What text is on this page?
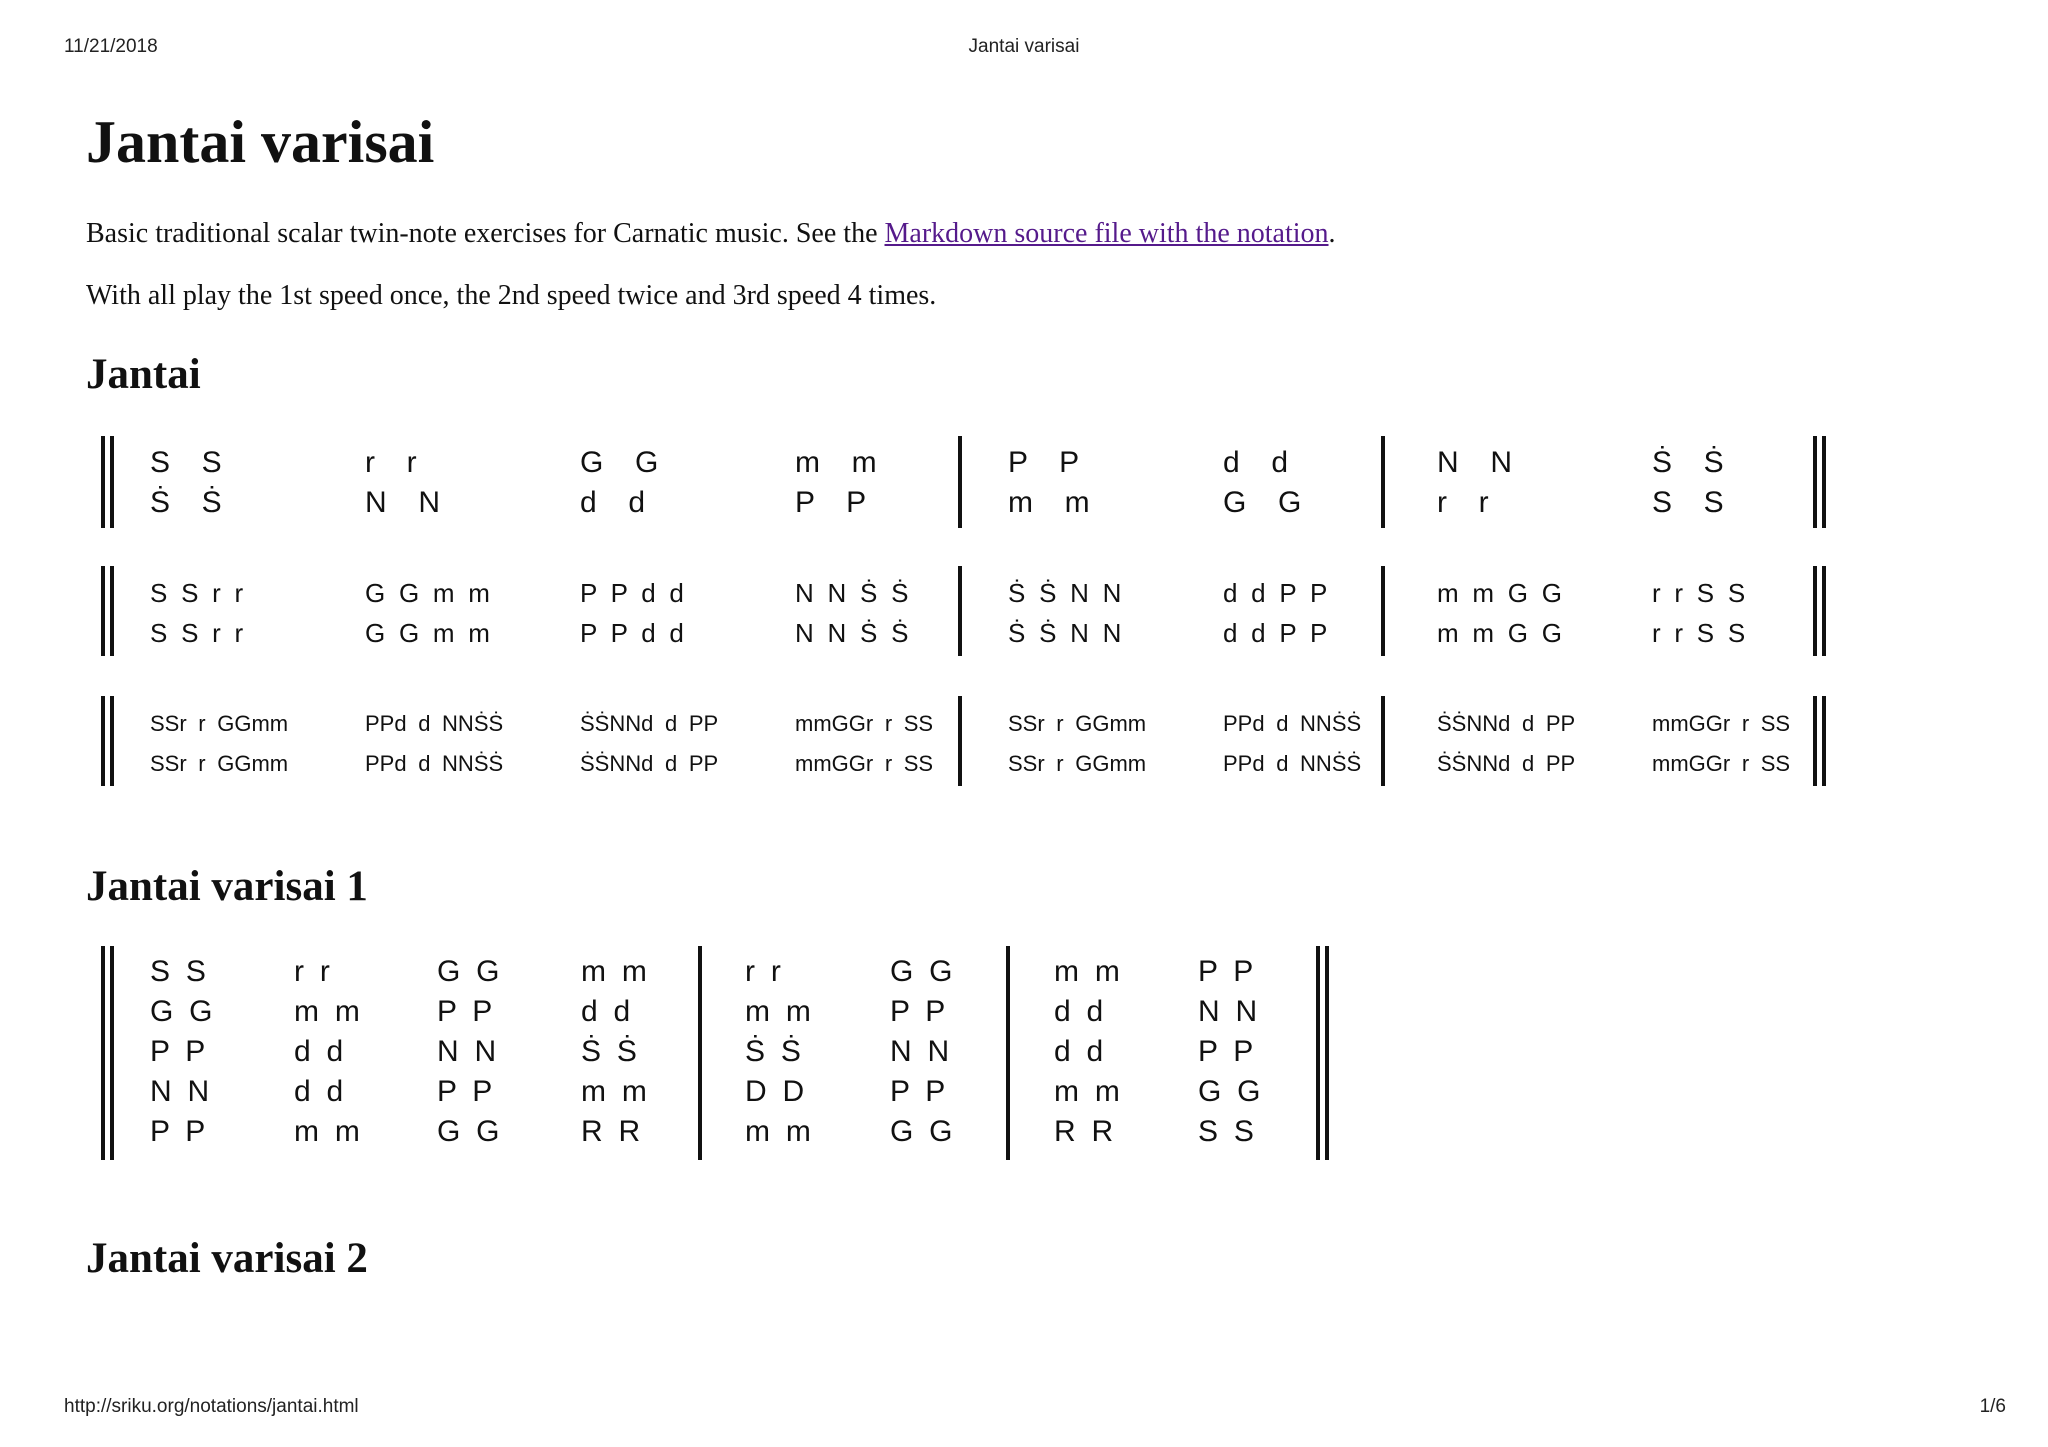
11/21/2018	Jantai varisai
Jantai varisai

Basic traditional scalar twin-note exercises for Carnatic music. See the Markdown source file with the notation.

With all play the 1st speed once, the 2nd speed twice and 3rd speed 4 times.

Jantai
Jantai varisai 1
Jantai varisai 2
S  S	r  r	G  G	m  m	P  P	d  d	N  N	Ṡ  Ṡ
Ṡ  Ṡ	N  N	d  d	P  P	m  m	G  G	r  r	S  S
S S r r	G G m m	P P d d	N N Ṡ Ṡ	Ṡ Ṡ N N	d d P P	m m G G	r r S S
S S r r	G G m m	P P d d	N N Ṡ Ṡ	Ṡ Ṡ N N	d d P P	m m G G	r r S S
SSr r GGmm	PPd d NNṠṠ	ṠṠNNd d PP	mmGGr r SS	SSr r GGmm	PPd d NNṠṠ	ṠṠNNd d PP	mmGGr r SS
SSr r GGmm	PPd d NNṠṠ	ṠṠNNd d PP	mmGGr r SS	SSr r GGmm	PPd d NNṠṠ	ṠṠNNd d PP	mmGGr r SS
S S	r r	G G	m m	r r	G G	m m	P P
G G	m m	P P	d d	m m	P P	d d	N N
P P	d d	N N	Ṡ Ṡ	Ṡ Ṡ	N N	d d	P P
N N	d d	P P	m m	D D	P P	m m	G G
P P	m m	G G	R R	m m	G G	R R	S S
http://sriku.org/notations/jantai.html	1/6
